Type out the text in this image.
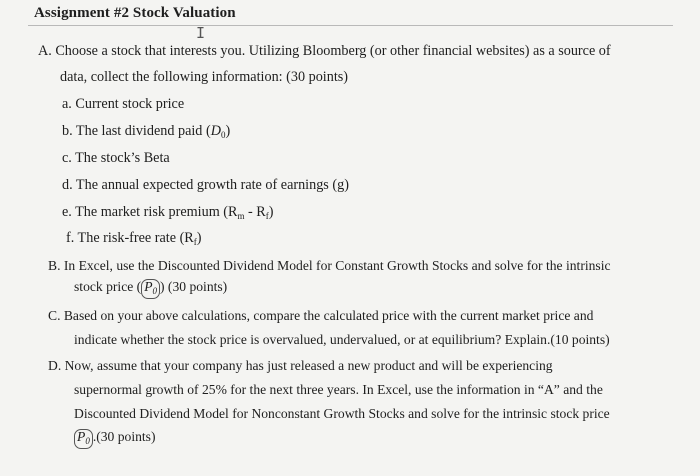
Assignment #2 Stock Valuation
I
A. Choose a stock that interests you. Utilizing Bloomberg (or other financial websites) as a source of
data, collect the following information: (30 points)
a. Current stock price
b. The last dividend paid $(D_0)$
c. The stock’s Beta
d. The annual expected growth rate of earnings (g)
e. The market risk premium $(R_m - R_f)$
f. The risk-free rate $(R_f)$
B. In Excel, use the Discounted Dividend Model for Constant Growth Stocks and solve for the intrinsic
stock price ( $P_0$ ) (30 points)
C. Based on your above calculations, compare the calculated price with the current market price and
indicate whether the stock price is overvalued, undervalued, or at equilibrium? Explain.(10 points)
D. Now, assume that your company has just released a new product and will be experiencing
supernormal growth of 25% for the next three years. In Excel, use the information in “A” and the
Discounted Dividend Model for Nonconstant Growth Stocks and solve for the intrinsic stock price
$P_0$ .(30 points)
